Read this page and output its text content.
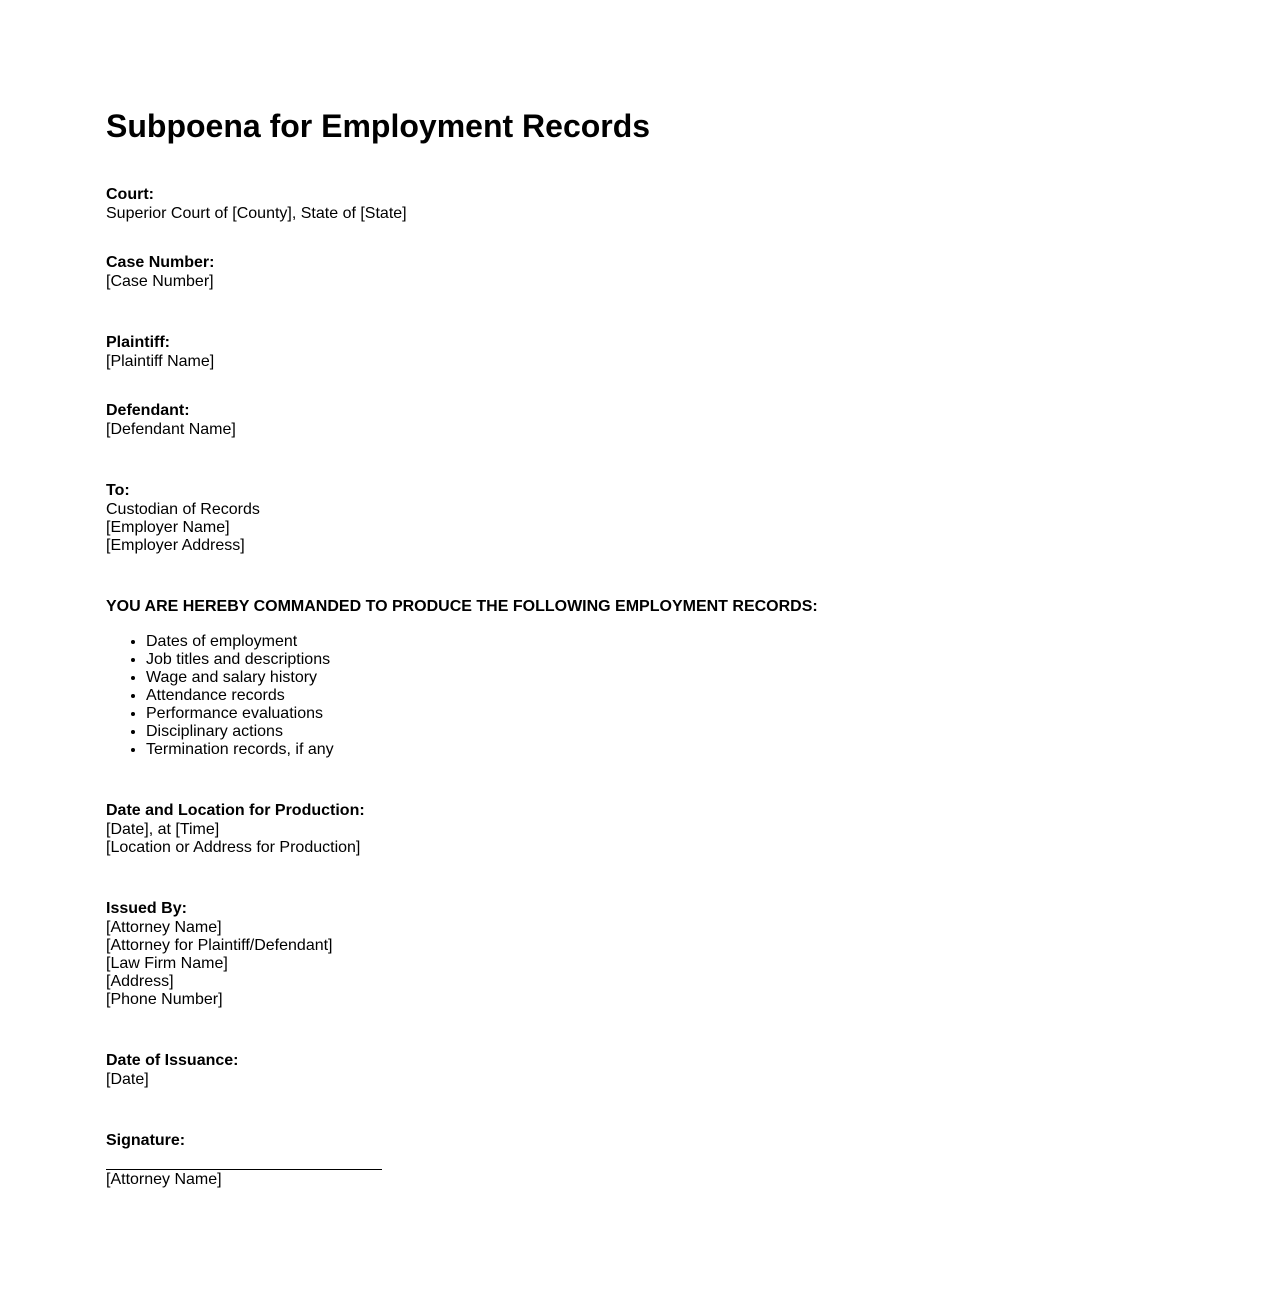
Subpoena for Employment Records
Court:
Superior Court of [County], State of [State]
Case Number:
[Case Number]
Plaintiff:
[Plaintiff Name]
Defendant:
[Defendant Name]
To:
Custodian of Records
[Employer Name]
[Employer Address]
YOU ARE HEREBY COMMANDED TO PRODUCE THE FOLLOWING EMPLOYMENT RECORDS:
• Dates of employment
• Job titles and descriptions
• Wage and salary history
• Attendance records
• Performance evaluations
• Disciplinary actions
• Termination records, if any
Date and Location for Production:
[Date], at [Time]
[Location or Address for Production]
Issued By:
[Attorney Name]
[Attorney for Plaintiff/Defendant]
[Law Firm Name]
[Address]
[Phone Number]
Date of Issuance:
[Date]
Signature:
[Attorney Name]
